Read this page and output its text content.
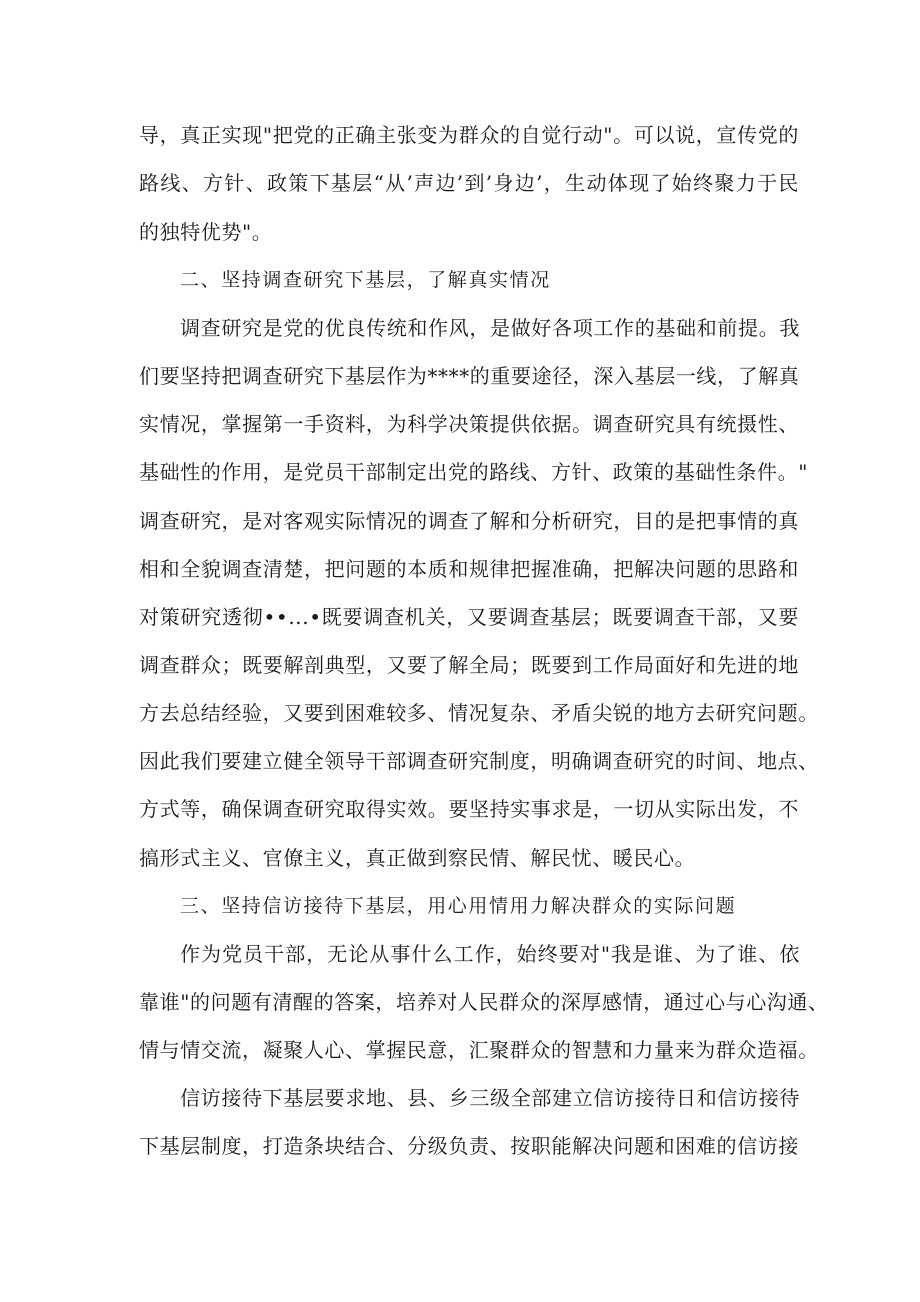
导，真正实现"把党的正确主张变为群众的自觉行动"。可以说，宣传党的
路线、方针、政策下基层“从’声边’到’身边’，生动体现了始终聚力于民
的独特优势"。
二、坚持调查研究下基层，了解真实情况
调查研究是党的优良传统和作风，是做好各项工作的基础和前提。我
们要坚持把调查研究下基层作为****的重要途径，深入基层一线，了解真
实情况，掌握第一手资料，为科学决策提供依据。调查研究具有统摄性、
基础性的作用，是党员干部制定出党的路线、方针、政策的基础性条件。"
调查研究，是对客观实际情况的调查了解和分析研究，目的是把事情的真
相和全貌调查清楚，把问题的本质和规律把握准确，把解决问题的思路和
对策研究透彻••...•既要调查机关，又要调查基层；既要调查干部，又要
调查群众；既要解剖典型，又要了解全局；既要到工作局面好和先进的地
方去总结经验，又要到困难较多、情况复杂、矛盾尖锐的地方去研究问题。
因此我们要建立健全领导干部调查研究制度，明确调查研究的时间、地点、
方式等，确保调查研究取得实效。要坚持实事求是，一切从实际出发，不
搞形式主义、官僚主义，真正做到察民情、解民忧、暖民心。
三、坚持信访接待下基层，用心用情用力解决群众的实际问题
作为党员干部，无论从事什么工作，始终要对"我是谁、为了谁、依
靠谁"的问题有清醒的答案，培养对人民群众的深厚感情，通过心与心沟通、
情与情交流，凝聚人心、掌握民意，汇聚群众的智慧和力量来为群众造福。
信访接待下基层要求地、县、乡三级全部建立信访接待日和信访接待
下基层制度，打造条块结合、分级负责、按职能解决问题和困难的信访接
